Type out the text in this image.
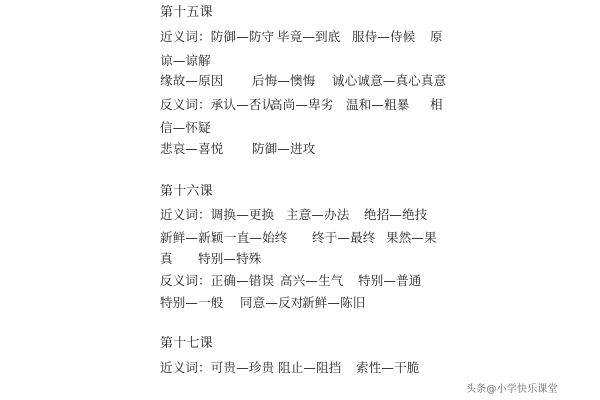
第十五课
近义词：防御—防守 毕竟—到底 服侍—侍候 原
谅—谅解
缘故—原因 后悔—懊悔 诚心诚意—真心真意
反义词：承认—否认
高尚—卑劣 温和—粗暴 相
信—怀疑
悲哀—喜悦 防御—进攻
第十六课
近义词：调换—更换 主意—办法 绝招—绝技
新鲜—新颖 一直—始终 终于—最终 果然—果
真 特别—特殊
反义词：正确—错误 高兴—生气 特别—普通
特别—一般 同意—反对
新鲜—陈旧
第十七课
近义词：可贵—珍贵 阻止—阻挡 索性—干脆
头条@小学快乐课堂
